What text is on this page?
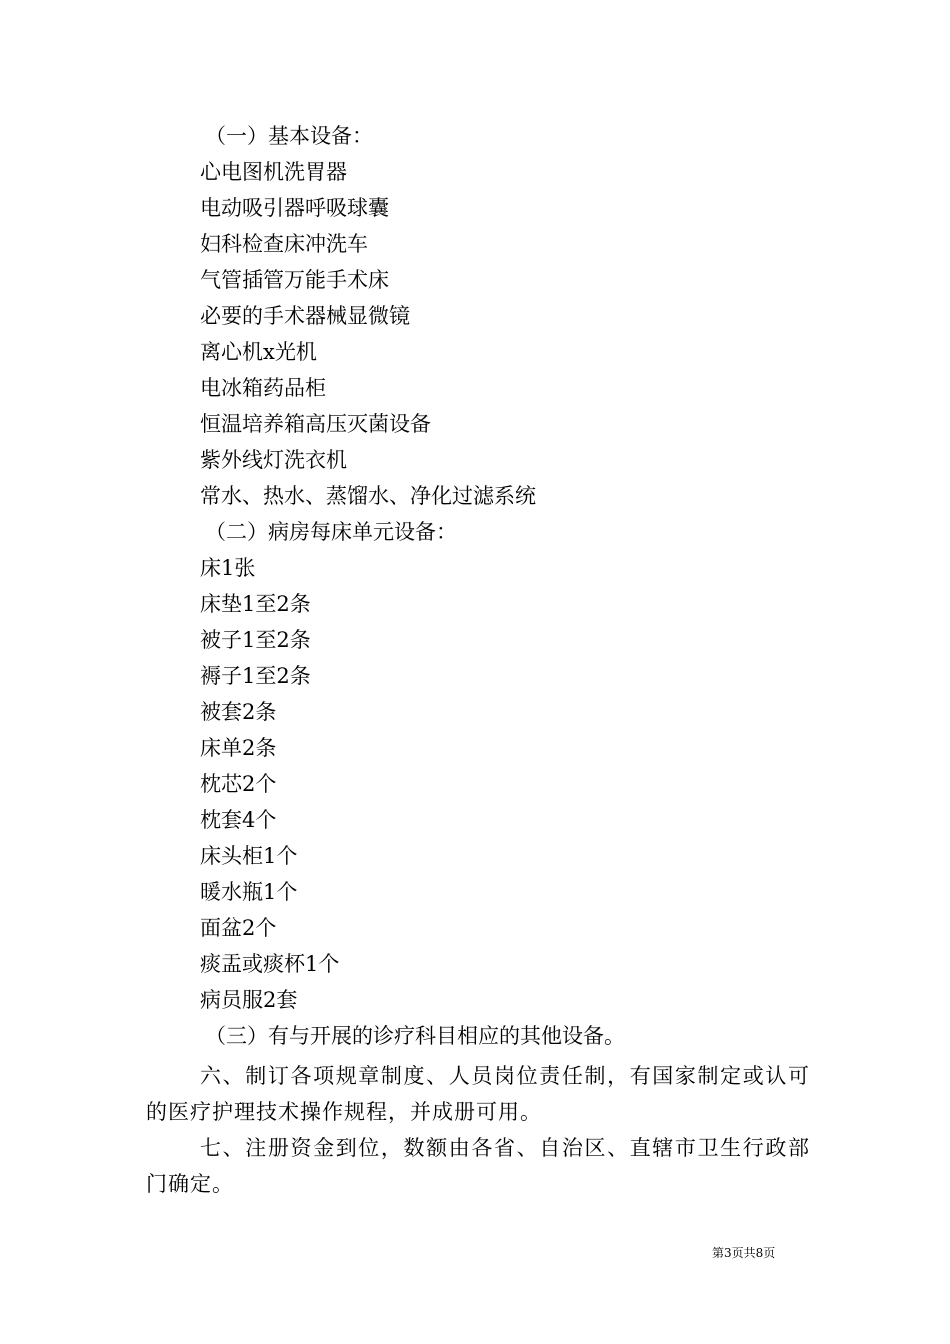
（一）基本设备：
心电图机洗胃器
电动吸引器呼吸球囊
妇科检查床冲洗车
气管插管万能手术床
必要的手术器械显微镜
离心机x光机
电冰箱药品柜
恒温培养箱高压灭菌设备
紫外线灯洗衣机
常水、热水、蒸馏水、净化过滤系统
（二）病房每床单元设备：
床1张
床垫1至2条
被子1至2条
褥子1至2条
被套2条
床单2条
枕芯2个
枕套4个
床头柜1个
暖水瓶1个
面盆2个
痰盂或痰杯1个
病员服2套
（三）有与开展的诊疗科目相应的其他设备。
六、制订各项规章制度、人员岗位责任制，有国家制定或认可的医疗护理技术操作规程，并成册可用。
七、注册资金到位，数额由各省、自治区、直辖市卫生行政部门确定。
第3页共8页
